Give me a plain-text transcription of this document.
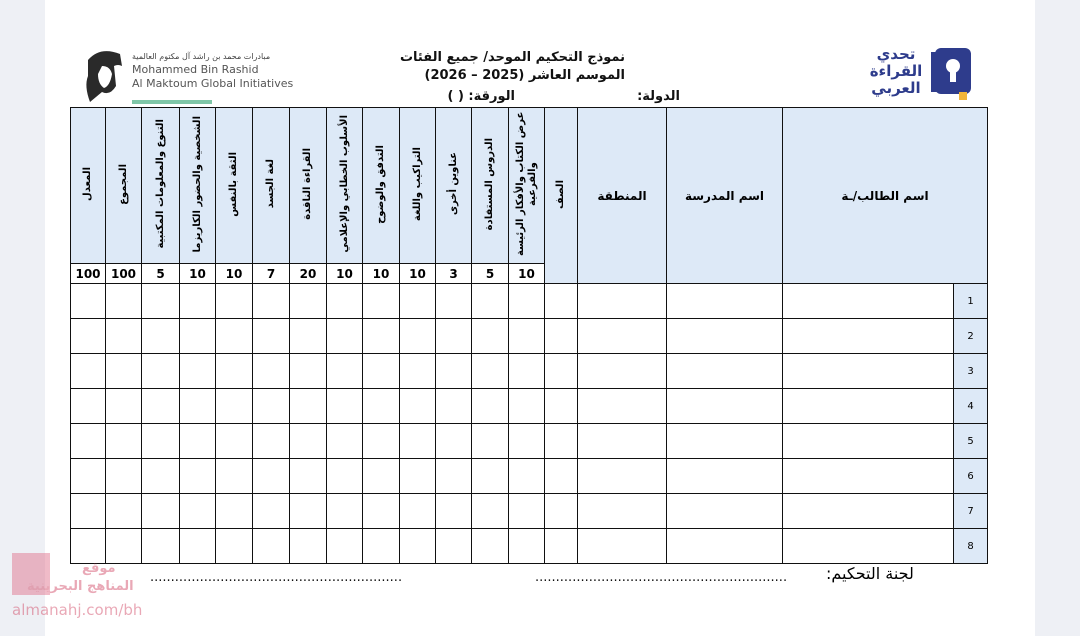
مبادرات محمد بن راشد آل مكتوم العالمية
Mohammed Bin Rashid
Al Maktoum Global Initiatives
نموذج التحكيم الموحد/ جميع الفئات
الموسم العاشر (2025 – 2026)
الورقة: ( )	الدولة:
تحدي القراءة العربي
المعدل	المجموع	التنوع والمعلومات المكتبية	الشخصية والحضور الكاريزما	الثقة بالنفس	لغة الجسد	القراءة الناقدة	الأسلوب الخطابي والإعلامي	التدفق والوضوح	التراكيب واللغة	عناوين أخرى	الدروس المستفادة	عرض الكتاب والأفكار الرئيسة والفرعية	الصف	المنطقة	اسم المدرسة	اسم الطالب/ـة	
100	100	5	10	10	7	20	10	10	10	3	5	10					
																	1
																	2
																	3
																	4
																	5
																	6
																	7
																	8
.............................................................
.............................................................	لجنة التحكيم:
موقع
المناهج البحرينية
almanahj.com/bh
